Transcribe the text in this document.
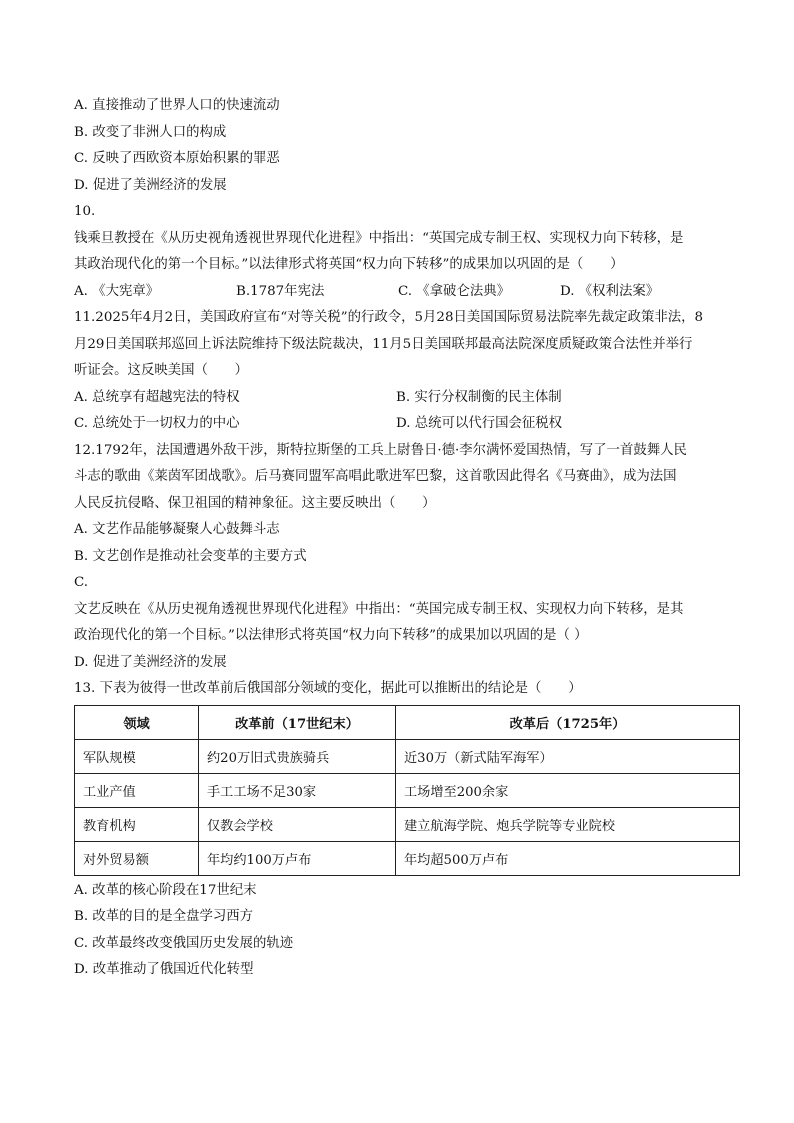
A. 直接推动了世界人口的快速流动
B. 改变了非洲人口的构成
C. 反映了西欧资本原始积累的罪恶
D. 促进了美洲经济的发展
10.
钱乘旦教授在《从历史视角透视世界现代化进程》中指出：“英国完成专制王权、实现权力向下转移，是
其政治现代化的第一个目标。”以法律形式将英国“权力向下转移”的成果加以巩固的是（　　）
A. 《大宪章》	B.1787年宪法	C. 《拿破仑法典》	D. 《权利法案》
11.2025年4月2日，美国政府宣布“对等关税”的行政令，5月28日美国国际贸易法院率先裁定政策非法，8
月29日美国联邦巡回上诉法院维持下级法院裁决，11月5日美国联邦最高法院深度质疑政策合法性并举行
听证会。这反映美国（　　）
A. 总统享有超越宪法的特权	B. 实行分权制衡的民主体制
C. 总统处于一切权力的中心	D. 总统可以代行国会征税权
12.1792年，法国遭遇外敌干涉，斯特拉斯堡的工兵上尉鲁日·德·李尔满怀爱国热情，写了一首鼓舞人民
斗志的歌曲《莱茵军团战歌》。后马赛同盟军高唱此歌进军巴黎，这首歌因此得名《马赛曲》，成为法国
人民反抗侵略、保卫祖国的精神象征。这主要反映出（　　）
A. 文艺作品能够凝聚人心鼓舞斗志
B. 文艺创作是推动社会变革的主要方式
C.
文艺反映在《从历史视角透视世界现代化进程》中指出：“英国完成专制王权、实现权力向下转移，是其
政治现代化的第一个目标。”以法律形式将英国“权力向下转移”的成果加以巩固的是（ ）
D. 促进了美洲经济的发展
13. 下表为彼得一世改革前后俄国部分领域的变化，据此可以推断出的结论是（　　）
领域	改革前（17世纪末）	改革后（1725年）
军队规模	约20万旧式贵族骑兵	近30万（新式陆军海军）
工业产值	手工工场不足30家	工场增至200余家
教育机构	仅教会学校	建立航海学院、炮兵学院等专业院校
对外贸易额	年均约100万卢布	年均超500万卢布
A. 改革的核心阶段在17世纪末
B. 改革的目的是全盘学习西方
C. 改革最终改变俄国历史发展的轨迹
D. 改革推动了俄国近代化转型
